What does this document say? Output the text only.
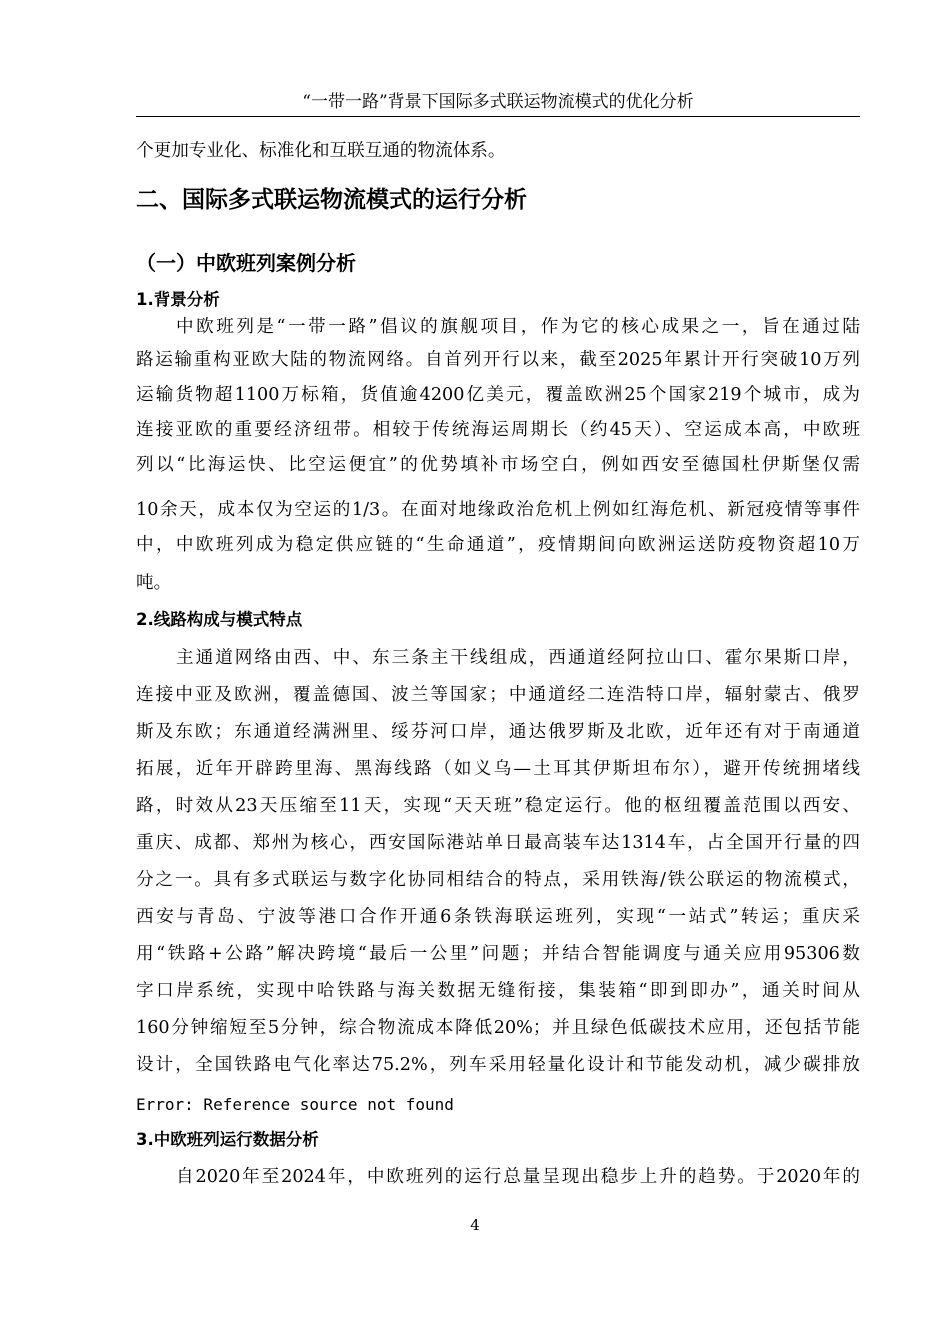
“一带一路”背景下国际多式联运物流模式的优化分析
个更加专业化、标准化和互联互通的物流体系。
二、国际多式联运物流模式的运行分析
（一）中欧班列案例分析
1.背景分析
中欧班列是“一带一路”倡议的旗舰项目，作为它的核心成果之一，旨在通过陆
路运输重构亚欧大陆的物流网络。自首列开行以来，截至2025年累计开行突破10万列
运输货物超1100万标箱，货值逾4200亿美元，覆盖欧洲25个国家219个城市，成为
连接亚欧的重要经济纽带。相较于传统海运周期长（约45天）、空运成本高，中欧班
列以“比海运快、比空运便宜”的优势填补市场空白，例如西安至德国杜伊斯堡仅需
10余天，成本仅为空运的1/3。在面对地缘政治危机上例如红海危机、新冠疫情等事件
中，中欧班列成为稳定供应链的“生命通道”，疫情期间向欧洲运送防疫物资超10万
吨。
2.线路构成与模式特点
主通道网络由西、中、东三条主干线组成，西通道经阿拉山口、霍尔果斯口岸，
连接中亚及欧洲，覆盖德国、波兰等国家；中通道经二连浩特口岸，辐射蒙古、俄罗
斯及东欧；东通道经满洲里、绥芬河口岸，通达俄罗斯及北欧，近年还有对于南通道
拓展，近年开辟跨里海、黑海线路（如义乌—土耳其伊斯坦布尔），避开传统拥堵线
路，时效从23天压缩至11天，实现“天天班”稳定运行。他的枢纽覆盖范围以西安、
重庆、成都、郑州为核心，西安国际港站单日最高装车达1314车，占全国开行量的四
分之一。具有多式联运与数字化协同相结合的特点，采用铁海/铁公联运的物流模式，
西安与青岛、宁波等港口合作开通6条铁海联运班列，实现“一站式”转运；重庆采
用“铁路+公路”解决跨境“最后一公里”问题；并结合智能调度与通关应用95306数
字口岸系统，实现中哈铁路与海关数据无缝衔接，集装箱“即到即办”，通关时间从
160分钟缩短至5分钟，综合物流成本降低20%；并且绿色低碳技术应用，还包括节能
设计，全国铁路电气化率达75.2%，列车采用轻量化设计和节能发动机，减少碳排放
Error: Reference source not found
3.中欧班列运行数据分析
自2020年至2024年，中欧班列的运行总量呈现出稳步上升的趋势。于2020年的
4
